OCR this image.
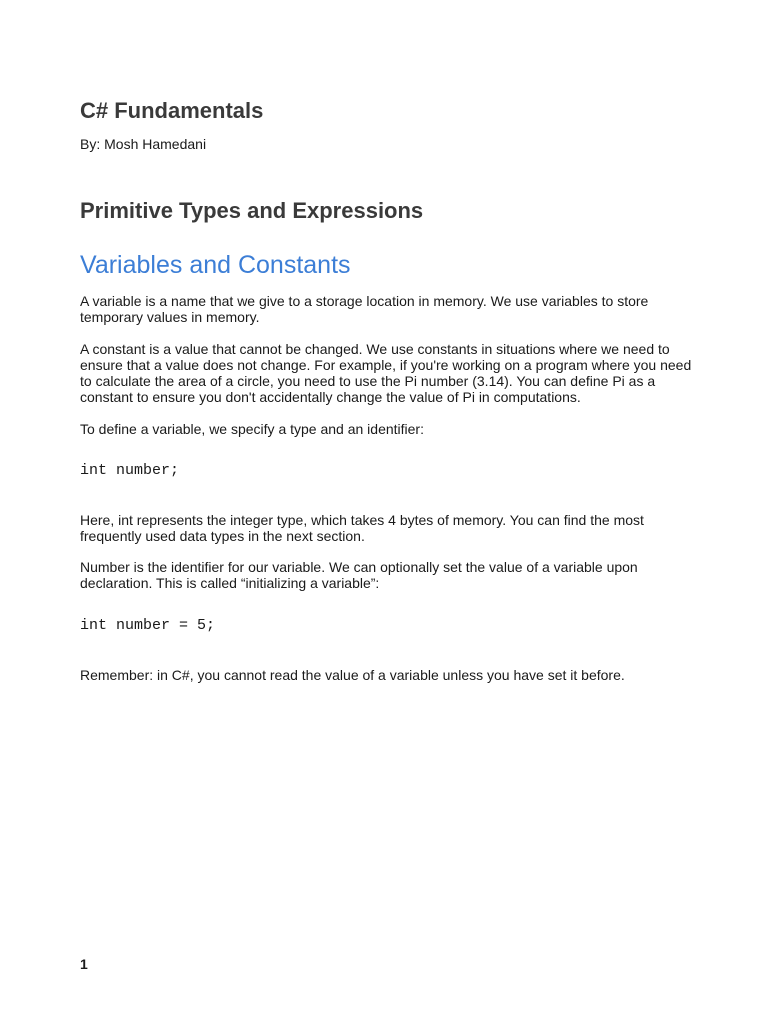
C# Fundamentals

By: Mosh Hamedani

Primitive Types and Expressions
Variables and Constants

A variable is a name that we give to a storage location in memory. We use variables to store temporary values in memory.

A constant is a value that cannot be changed. We use constants in situations where we need to ensure that a value does not change. For example, if you're working on a program where you need to calculate the area of a circle, you need to use the Pi number (3.14). You can define Pi as a constant to ensure you don't accidentally change the value of Pi in computations.

To define a variable, we specify a type and an identifier:

int number;

Here, int represents the integer type, which takes 4 bytes of memory. You can find the most frequently used data types in the next section.

Number is the identifier for our variable. We can optionally set the value of a variable upon declaration. This is called “initializing a variable”:

int number = 5;

Remember: in C#, you cannot read the value of a variable unless you have set it before.

1
